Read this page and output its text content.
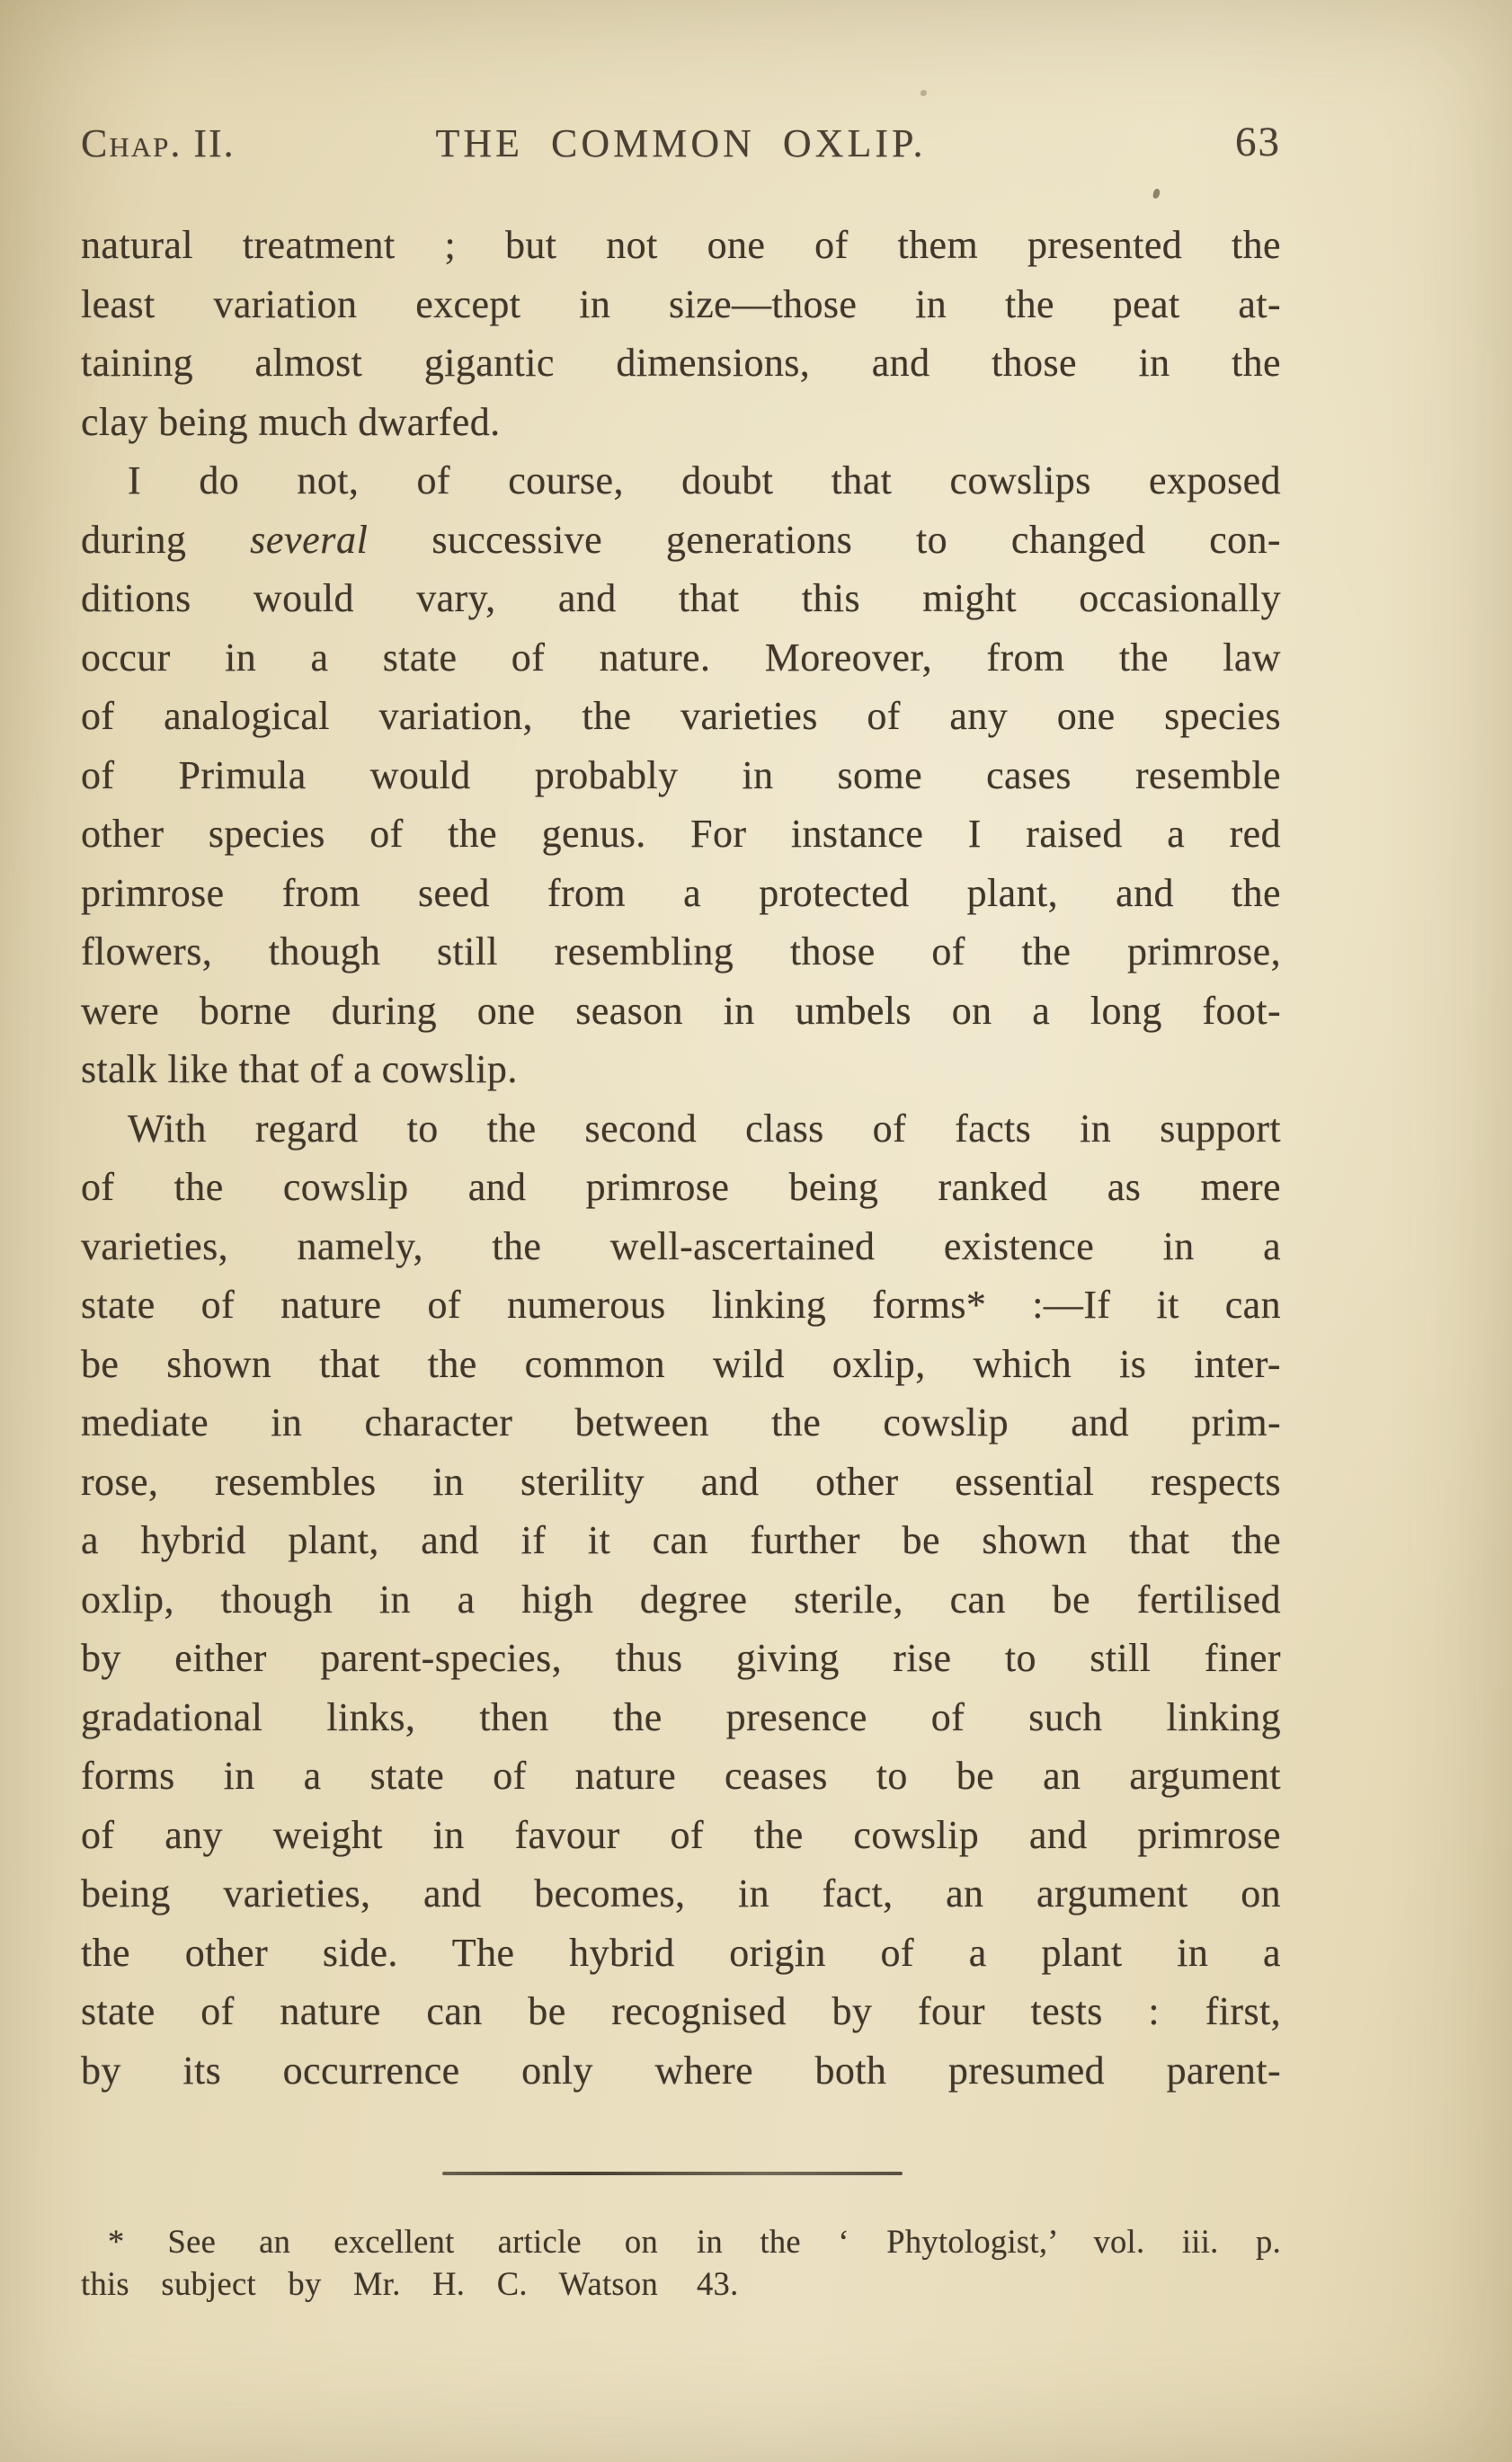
Chap. II.	THE COMMON OXLIP.	63
natural treatment ; but not one of them presented the
least variation except in size—those in the peat at-
taining almost gigantic dimensions, and those in the
clay being much dwarfed.
I do not, of course, doubt that cowslips exposed
during several successive generations to changed con-
ditions would vary, and that this might occasionally
occur in a state of nature. Moreover, from the law
of analogical variation, the varieties of any one species
of Primula would probably in some cases resemble
other species of the genus. For instance I raised a red
primrose from seed from a protected plant, and the
flowers, though still resembling those of the primrose,
were borne during one season in umbels on a long foot-
stalk like that of a cowslip.
With regard to the second class of facts in support
of the cowslip and primrose being ranked as mere
varieties, namely, the well-ascertained existence in a
state of nature of numerous linking forms* :—If it can
be shown that the common wild oxlip, which is inter-
mediate in character between the cowslip and prim-
rose, resembles in sterility and other essential respects
a hybrid plant, and if it can further be shown that the
oxlip, though in a high degree sterile, can be fertilised
by either parent-species, thus giving rise to still finer
gradational links, then the presence of such linking
forms in a state of nature ceases to be an argument
of any weight in favour of the cowslip and primrose
being varieties, and becomes, in fact, an argument on
the other side. The hybrid origin of a plant in a
state of nature can be recognised by four tests : first,
by its occurrence only where both presumed parent-
* See an excellent article on
this subject by Mr. H. C. Watson
in the ‘ Phytologist,’ vol. iii. p.
43.
